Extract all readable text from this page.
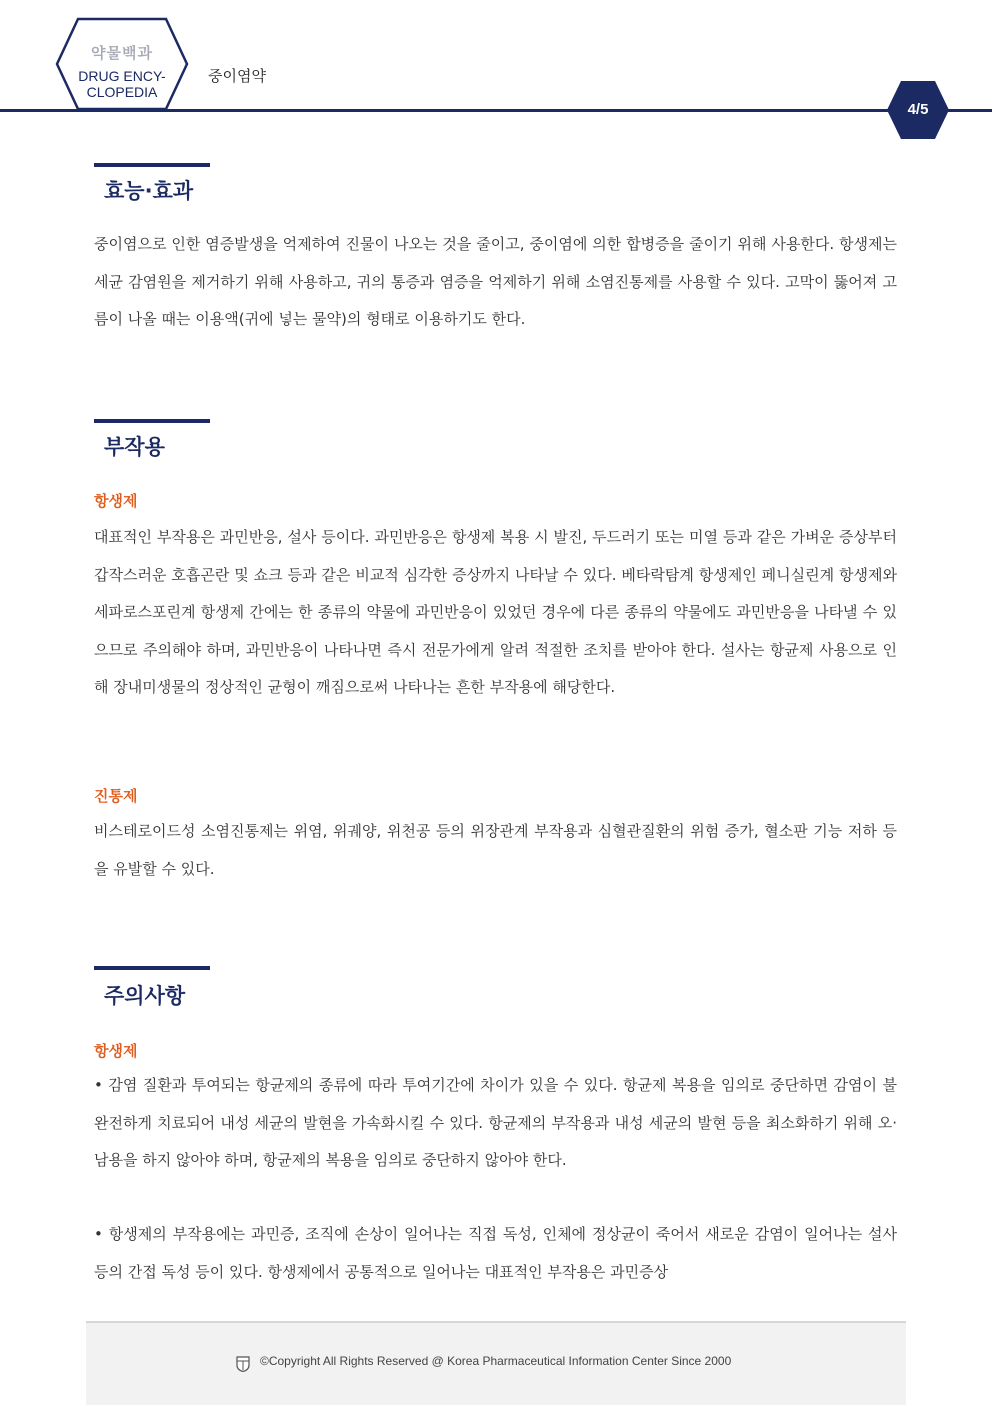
약물백과
DRUG ENCY-
CLOPEDIA
중이염약
4/5
효능·효과

중이염으로 인한 염증발생을 억제하여 진물이 나오는 것을 줄이고, 중이염에 의한 합병증을 줄이기 위해 사용한다. 항생제는 세균 감염원을 제거하기 위해 사용하고, 귀의 통증과 염증을 억제하기 위해 소염진통제를 사용할 수 있다. 고막이 뚫어져 고름이 나올 때는 이용액(귀에 넣는 물약)의 형태로 이용하기도 한다.

부작용
항생제

대표적인 부작용은 과민반응, 설사 등이다. 과민반응은 항생제 복용 시 발진, 두드러기 또는 미열 등과 같은 가벼운 증상부터 갑작스러운 호흡곤란 및 쇼크 등과 같은 비교적 심각한 증상까지 나타날 수 있다. 베타락탐계 항생제인 페니실린계 항생제와 세파로스포린계 항생제 간에는 한 종류의 약물에 과민반응이 있었던 경우에 다른 종류의 약물에도 과민반응을 나타낼 수 있으므로 주의해야 하며, 과민반응이 나타나면 즉시 전문가에게 알려 적절한 조치를 받아야 한다. 설사는 항균제 사용으로 인해 장내미생물의 정상적인 균형이 깨짐으로써 나타나는 흔한 부작용에 해당한다.

진통제

비스테로이드성 소염진통제는 위염, 위궤양, 위천공 등의 위장관계 부작용과 심혈관질환의 위험 증가, 혈소판 기능 저하 등을 유발할 수 있다.

주의사항
항생제

• 감염 질환과 투여되는 항균제의 종류에 따라 투여기간에 차이가 있을 수 있다. 항균제 복용을 임의로 중단하면 감염이 불완전하게 치료되어 내성 세균의 발현을 가속화시킬 수 있다. 항균제의 부작용과 내성 세균의 발현 등을 최소화하기 위해 오·남용을 하지 않아야 하며, 항균제의 복용을 임의로 중단하지 않아야 한다.

• 항생제의 부작용에는 과민증, 조직에 손상이 일어나는 직접 독성, 인체에 정상균이 죽어서 새로운 감염이 일어나는 설사 등의 간접 독성 등이 있다. 항생제에서 공통적으로 일어나는 대표적인 부작용은 과민증상

©Copyright All Rights Reserved @ Korea Pharmaceutical Information Center Since 2000
